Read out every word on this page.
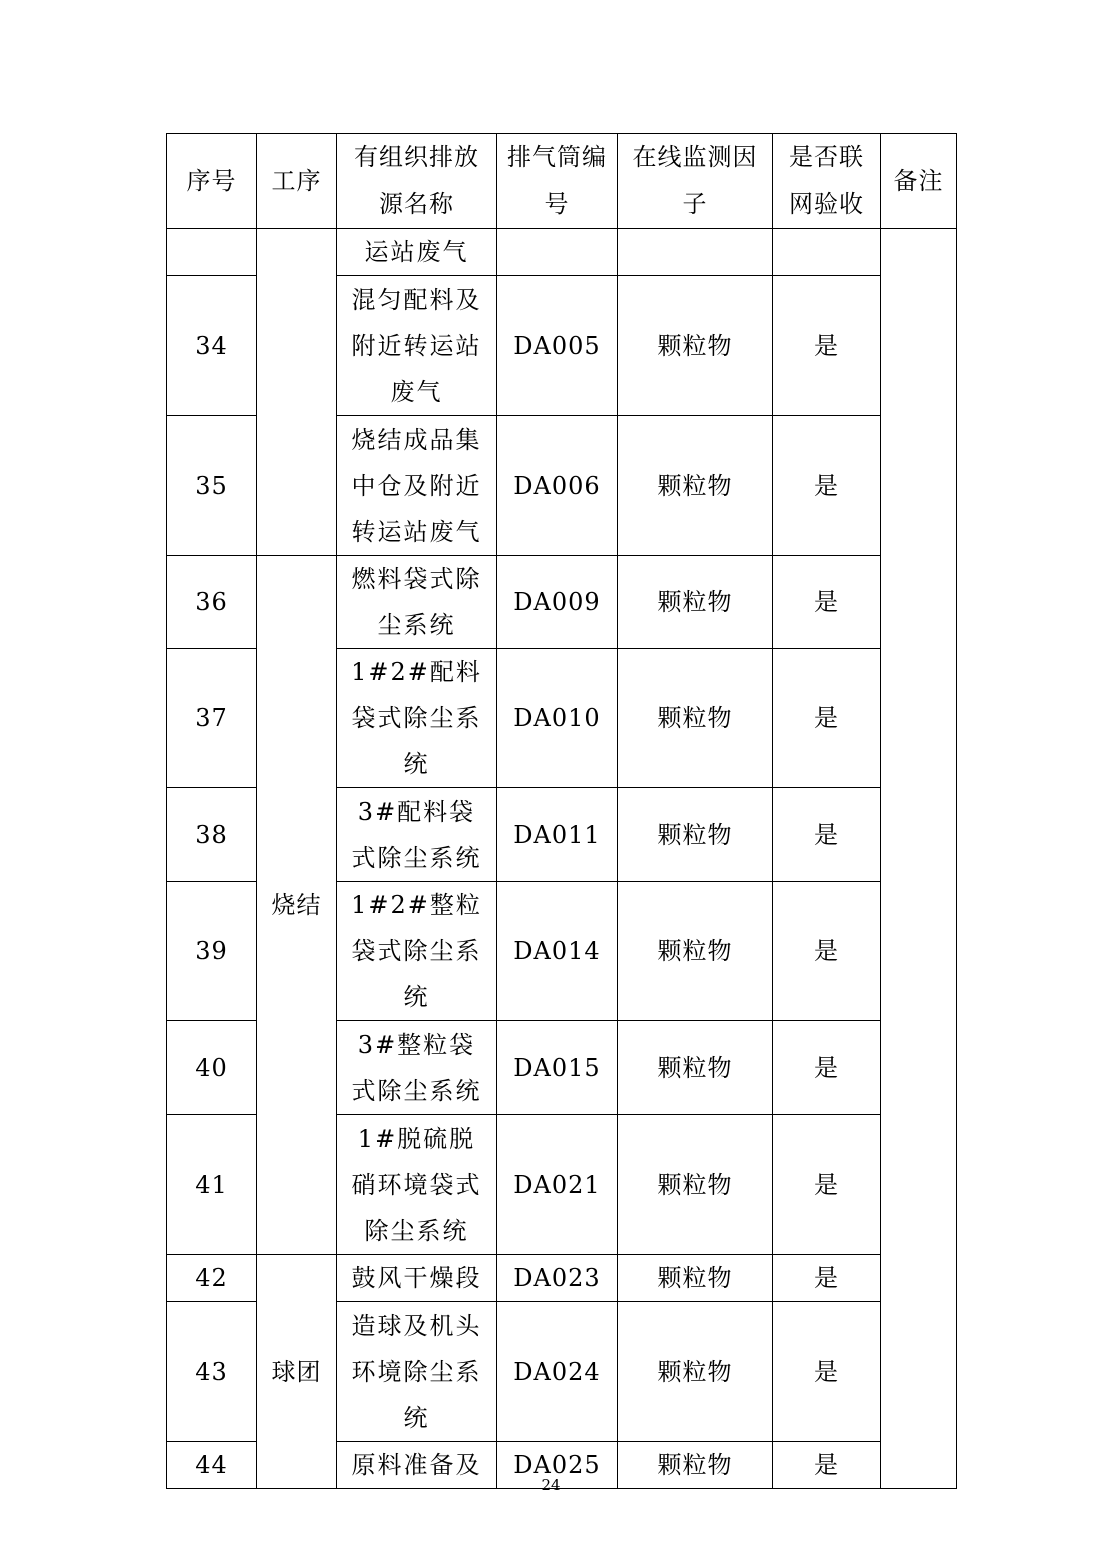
序号	工序	有组织排放源名称	排气筒编号	在线监测因子	是否联网验收	备注
		运站废气				
34		混匀配料及附近转运站废气	DA005	颗粒物	是	
35		烧结成品集中仓及附近转运站废气	DA006	颗粒物	是	
36	烧结	燃料袋式除尘系统	DA009	颗粒物	是	
37		1#2#配料袋式除尘系统	DA010	颗粒物	是	
38		3#配料袋式除尘系统	DA011	颗粒物	是	
39		1#2#整粒袋式除尘系统	DA014	颗粒物	是	
40		3#整粒袋式除尘系统	DA015	颗粒物	是	
41		1#脱硫脱硝环境袋式除尘系统	DA021	颗粒物	是	
42	球团	鼓风干燥段	DA023	颗粒物	是	
43		造球及机头环境除尘系统	DA024	颗粒物	是	
44		原料准备及	DA025	颗粒物	是	
24
